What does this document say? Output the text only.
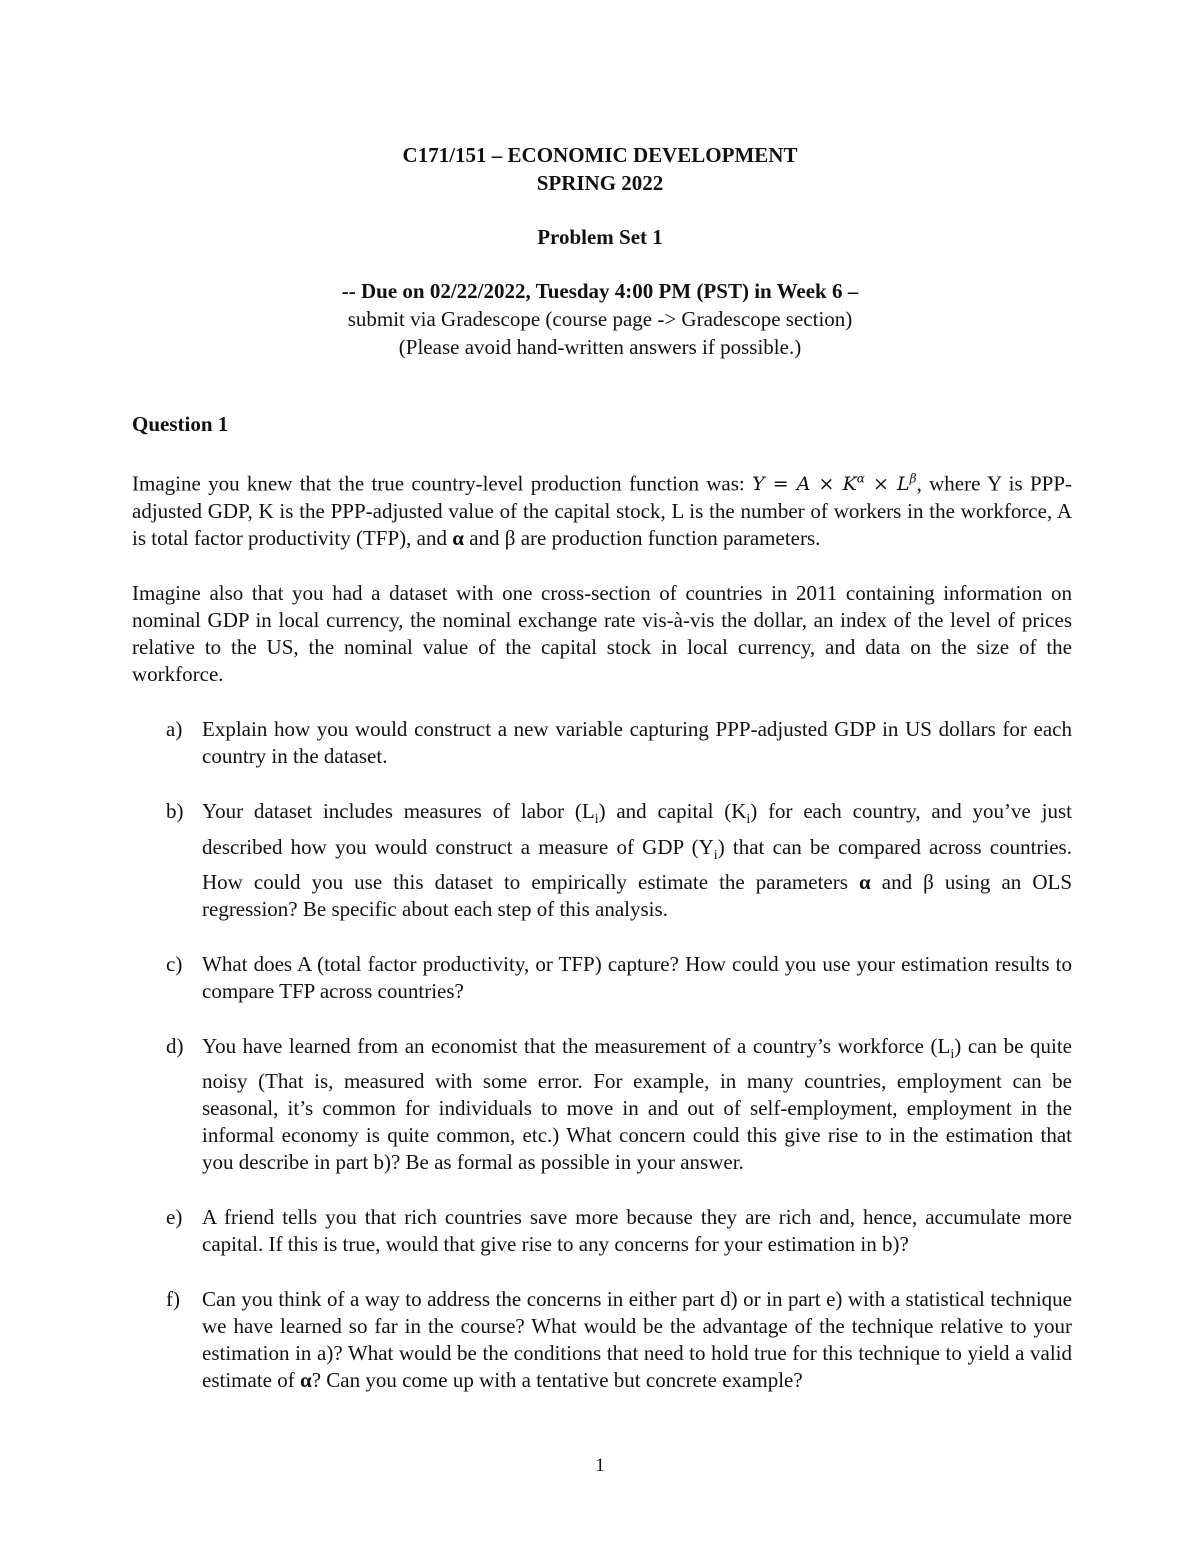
C171/151 – ECONOMIC DEVELOPMENT
SPRING 2022
Problem Set 1
-- Due on 02/22/2022, Tuesday 4:00 PM (PST) in Week 6 –
submit via Gradescope (course page -> Gradescope section)
(Please avoid hand-written answers if possible.)

Question 1

Imagine you knew that the true country-level production function was: $Y = A \times K^\alpha \times L^\beta$, where Y is PPP-adjusted GDP, K is the PPP-adjusted value of the capital stock, L is the number of workers in the workforce, A is total factor productivity (TFP), and α and β are production function parameters.

Imagine also that you had a dataset with one cross-section of countries in 2011 containing information on nominal GDP in local currency, the nominal exchange rate vis-à-vis the dollar, an index of the level of prices relative to the US, the nominal value of the capital stock in local currency, and data on the size of the workforce.

a) Explain how you would construct a new variable capturing PPP-adjusted GDP in US dollars for each country in the dataset.
b) Your dataset includes measures of labor $(L_i)$ and capital $(K_i)$ for each country, and you’ve just described how you would construct a measure of GDP $(Y_i)$ that can be compared across countries. How could you use this dataset to empirically estimate the parameters α and β using an OLS regression? Be specific about each step of this analysis.
c) What does A (total factor productivity, or TFP) capture? How could you use your estimation results to compare TFP across countries?
d) You have learned from an economist that the measurement of a country’s workforce $(L_i)$ can be quite noisy (That is, measured with some error. For example, in many countries, employment can be seasonal, it’s common for individuals to move in and out of self-employment, employment in the informal economy is quite common, etc.) What concern could this give rise to in the estimation that you describe in part b)? Be as formal as possible in your answer.
e) A friend tells you that rich countries save more because they are rich and, hence, accumulate more capital. If this is true, would that give rise to any concerns for your estimation in b)?
f) Can you think of a way to address the concerns in either part d) or in part e) with a statistical technique we have learned so far in the course? What would be the advantage of the technique relative to your estimation in a)? What would be the conditions that need to hold true for this technique to yield a valid estimate of α? Can you come up with a tentative but concrete example?
1
